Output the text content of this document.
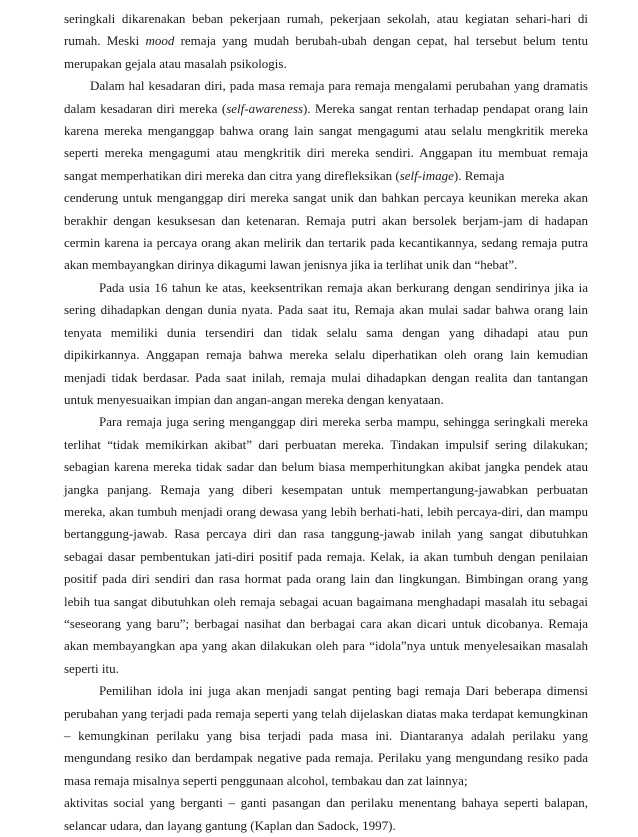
seringkali dikarenakan beban pekerjaan rumah, pekerjaan sekolah, atau kegiatan sehari-hari di rumah. Meski mood remaja yang mudah berubah-ubah dengan cepat, hal tersebut belum tentu merupakan gejala atau masalah psikologis.

Dalam hal kesadaran diri, pada masa remaja para remaja mengalami perubahan yang dramatis dalam kesadaran diri mereka (self-awareness). Mereka sangat rentan terhadap pendapat orang lain karena mereka menganggap bahwa orang lain sangat mengagumi atau selalu mengkritik mereka seperti mereka mengagumi atau mengkritik diri mereka sendiri. Anggapan itu membuat remaja sangat memperhatikan diri mereka dan citra yang direfleksikan (self-image). Remaja

cenderung untuk menganggap diri mereka sangat unik dan bahkan percaya keunikan mereka akan berakhir dengan kesuksesan dan ketenaran. Remaja putri akan bersolek berjam-jam di hadapan cermin karena ia percaya orang akan melirik dan tertarik pada kecantikannya, sedang remaja putra akan membayangkan dirinya dikagumi lawan jenisnya jika ia terlihat unik dan “hebat”.

Pada usia 16 tahun ke atas, keeksentrikan remaja akan berkurang dengan sendirinya jika ia sering dihadapkan dengan dunia nyata. Pada saat itu, Remaja akan mulai sadar bahwa orang lain tenyata memiliki dunia tersendiri dan tidak selalu sama dengan yang dihadapi atau pun dipikirkannya. Anggapan remaja bahwa mereka selalu diperhatikan oleh orang lain kemudian menjadi tidak berdasar. Pada saat inilah, remaja mulai dihadapkan dengan realita dan tantangan untuk menyesuaikan impian dan angan-angan mereka dengan kenyataan.

Para remaja juga sering menganggap diri mereka serba mampu, sehingga seringkali mereka terlihat “tidak memikirkan akibat” dari perbuatan mereka. Tindakan impulsif sering dilakukan; sebagian karena mereka tidak sadar dan belum biasa memperhitungkan akibat jangka pendek atau jangka panjang. Remaja yang diberi kesempatan untuk mempertangung-jawabkan perbuatan mereka, akan tumbuh menjadi orang dewasa yang lebih berhati-hati, lebih percaya-diri, dan mampu bertanggung-jawab. Rasa percaya diri dan rasa tanggung-jawab inilah yang sangat dibutuhkan sebagai dasar pembentukan jati-diri positif pada remaja. Kelak, ia akan tumbuh dengan penilaian positif pada diri sendiri dan rasa hormat pada orang lain dan lingkungan. Bimbingan orang yang lebih tua sangat dibutuhkan oleh remaja sebagai acuan bagaimana menghadapi masalah itu sebagai “seseorang yang baru”; berbagai nasihat dan berbagai cara akan dicari untuk dicobanya. Remaja akan membayangkan apa yang akan dilakukan oleh para “idola”nya untuk menyelesaikan masalah seperti itu.

Pemilihan idola ini juga akan menjadi sangat penting bagi remaja Dari beberapa dimensi perubahan yang terjadi pada remaja seperti yang telah dijelaskan diatas maka terdapat kemungkinan – kemungkinan perilaku yang bisa terjadi pada masa ini. Diantaranya adalah perilaku yang mengundang resiko dan berdampak negative pada remaja. Perilaku yang mengundang resiko pada masa remaja misalnya seperti penggunaan alcohol, tembakau dan zat lainnya;

aktivitas social yang berganti – ganti pasangan dan perilaku menentang bahaya seperti balapan, selancar udara, dan layang gantung (Kaplan dan Sadock, 1997).
